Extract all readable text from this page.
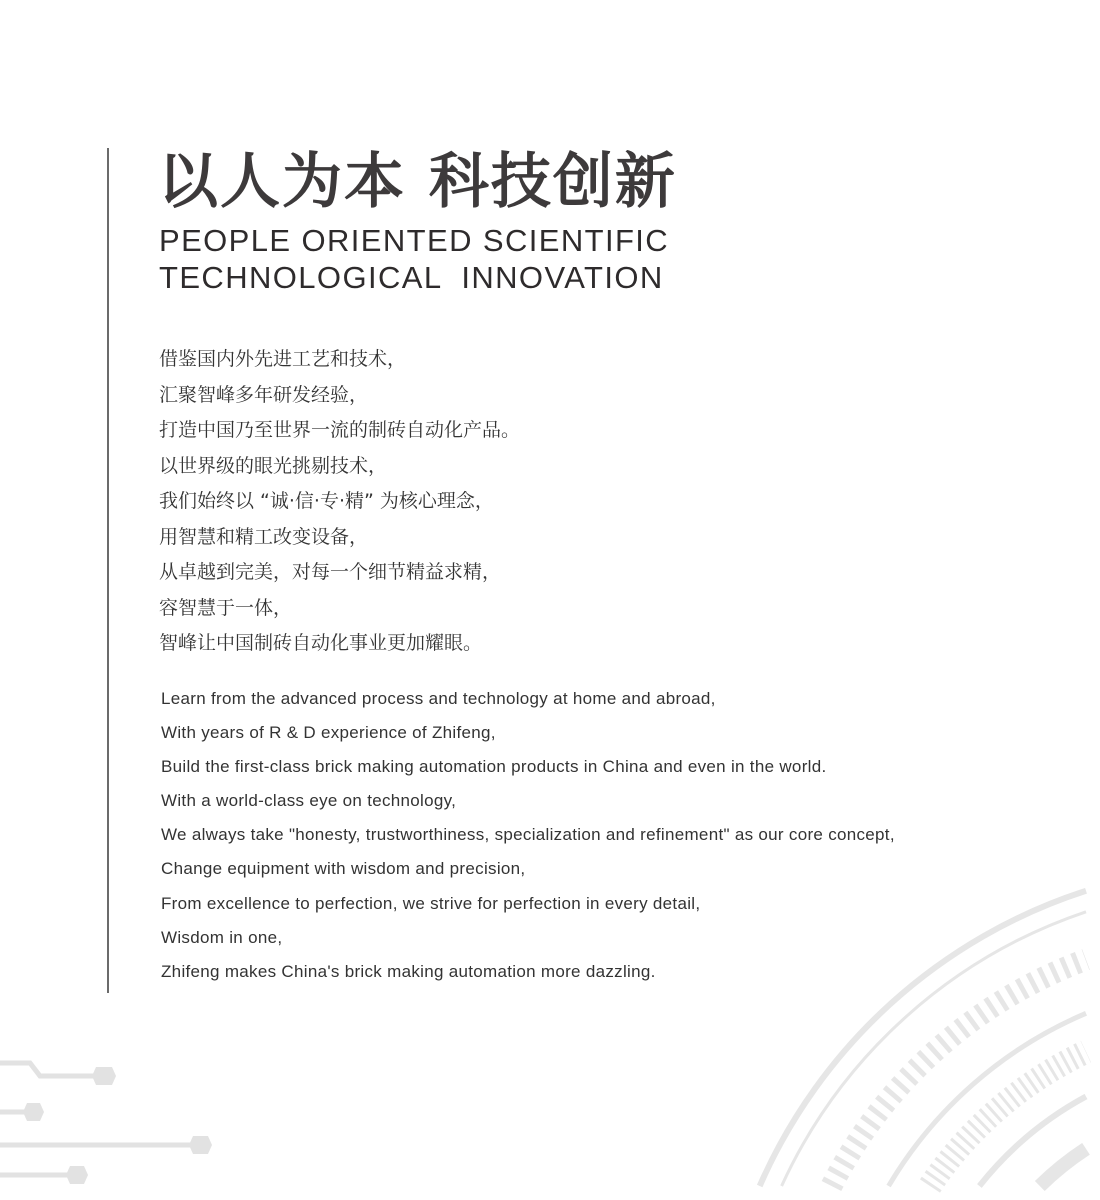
以人为本 科技创新
PEOPLE ORIENTED SCIENTIFIC
TECHNOLOGICAL  INNOVATION
借鉴国内外先进工艺和技术，
汇聚智峰多年研发经验，
打造中国乃至世界一流的制砖自动化产品。
以世界级的眼光挑剔技术，
我们始终以 “诚·信·专·精” 为核心理念，
用智慧和精工改变设备，
从卓越到完美，对每一个细节精益求精，
容智慧于一体，
智峰让中国制砖自动化事业更加耀眼。
Learn from the advanced process and technology at home and abroad,
With years of R & D experience of Zhifeng,
Build the first-class brick making automation products in China and even in the world.
With a world-class eye on technology,
We always take "honesty, trustworthiness, specialization and refinement" as our core concept,
Change equipment with wisdom and precision,
From excellence to perfection, we strive for perfection in every detail,
Wisdom in one,
Zhifeng makes China's brick making automation more dazzling.
